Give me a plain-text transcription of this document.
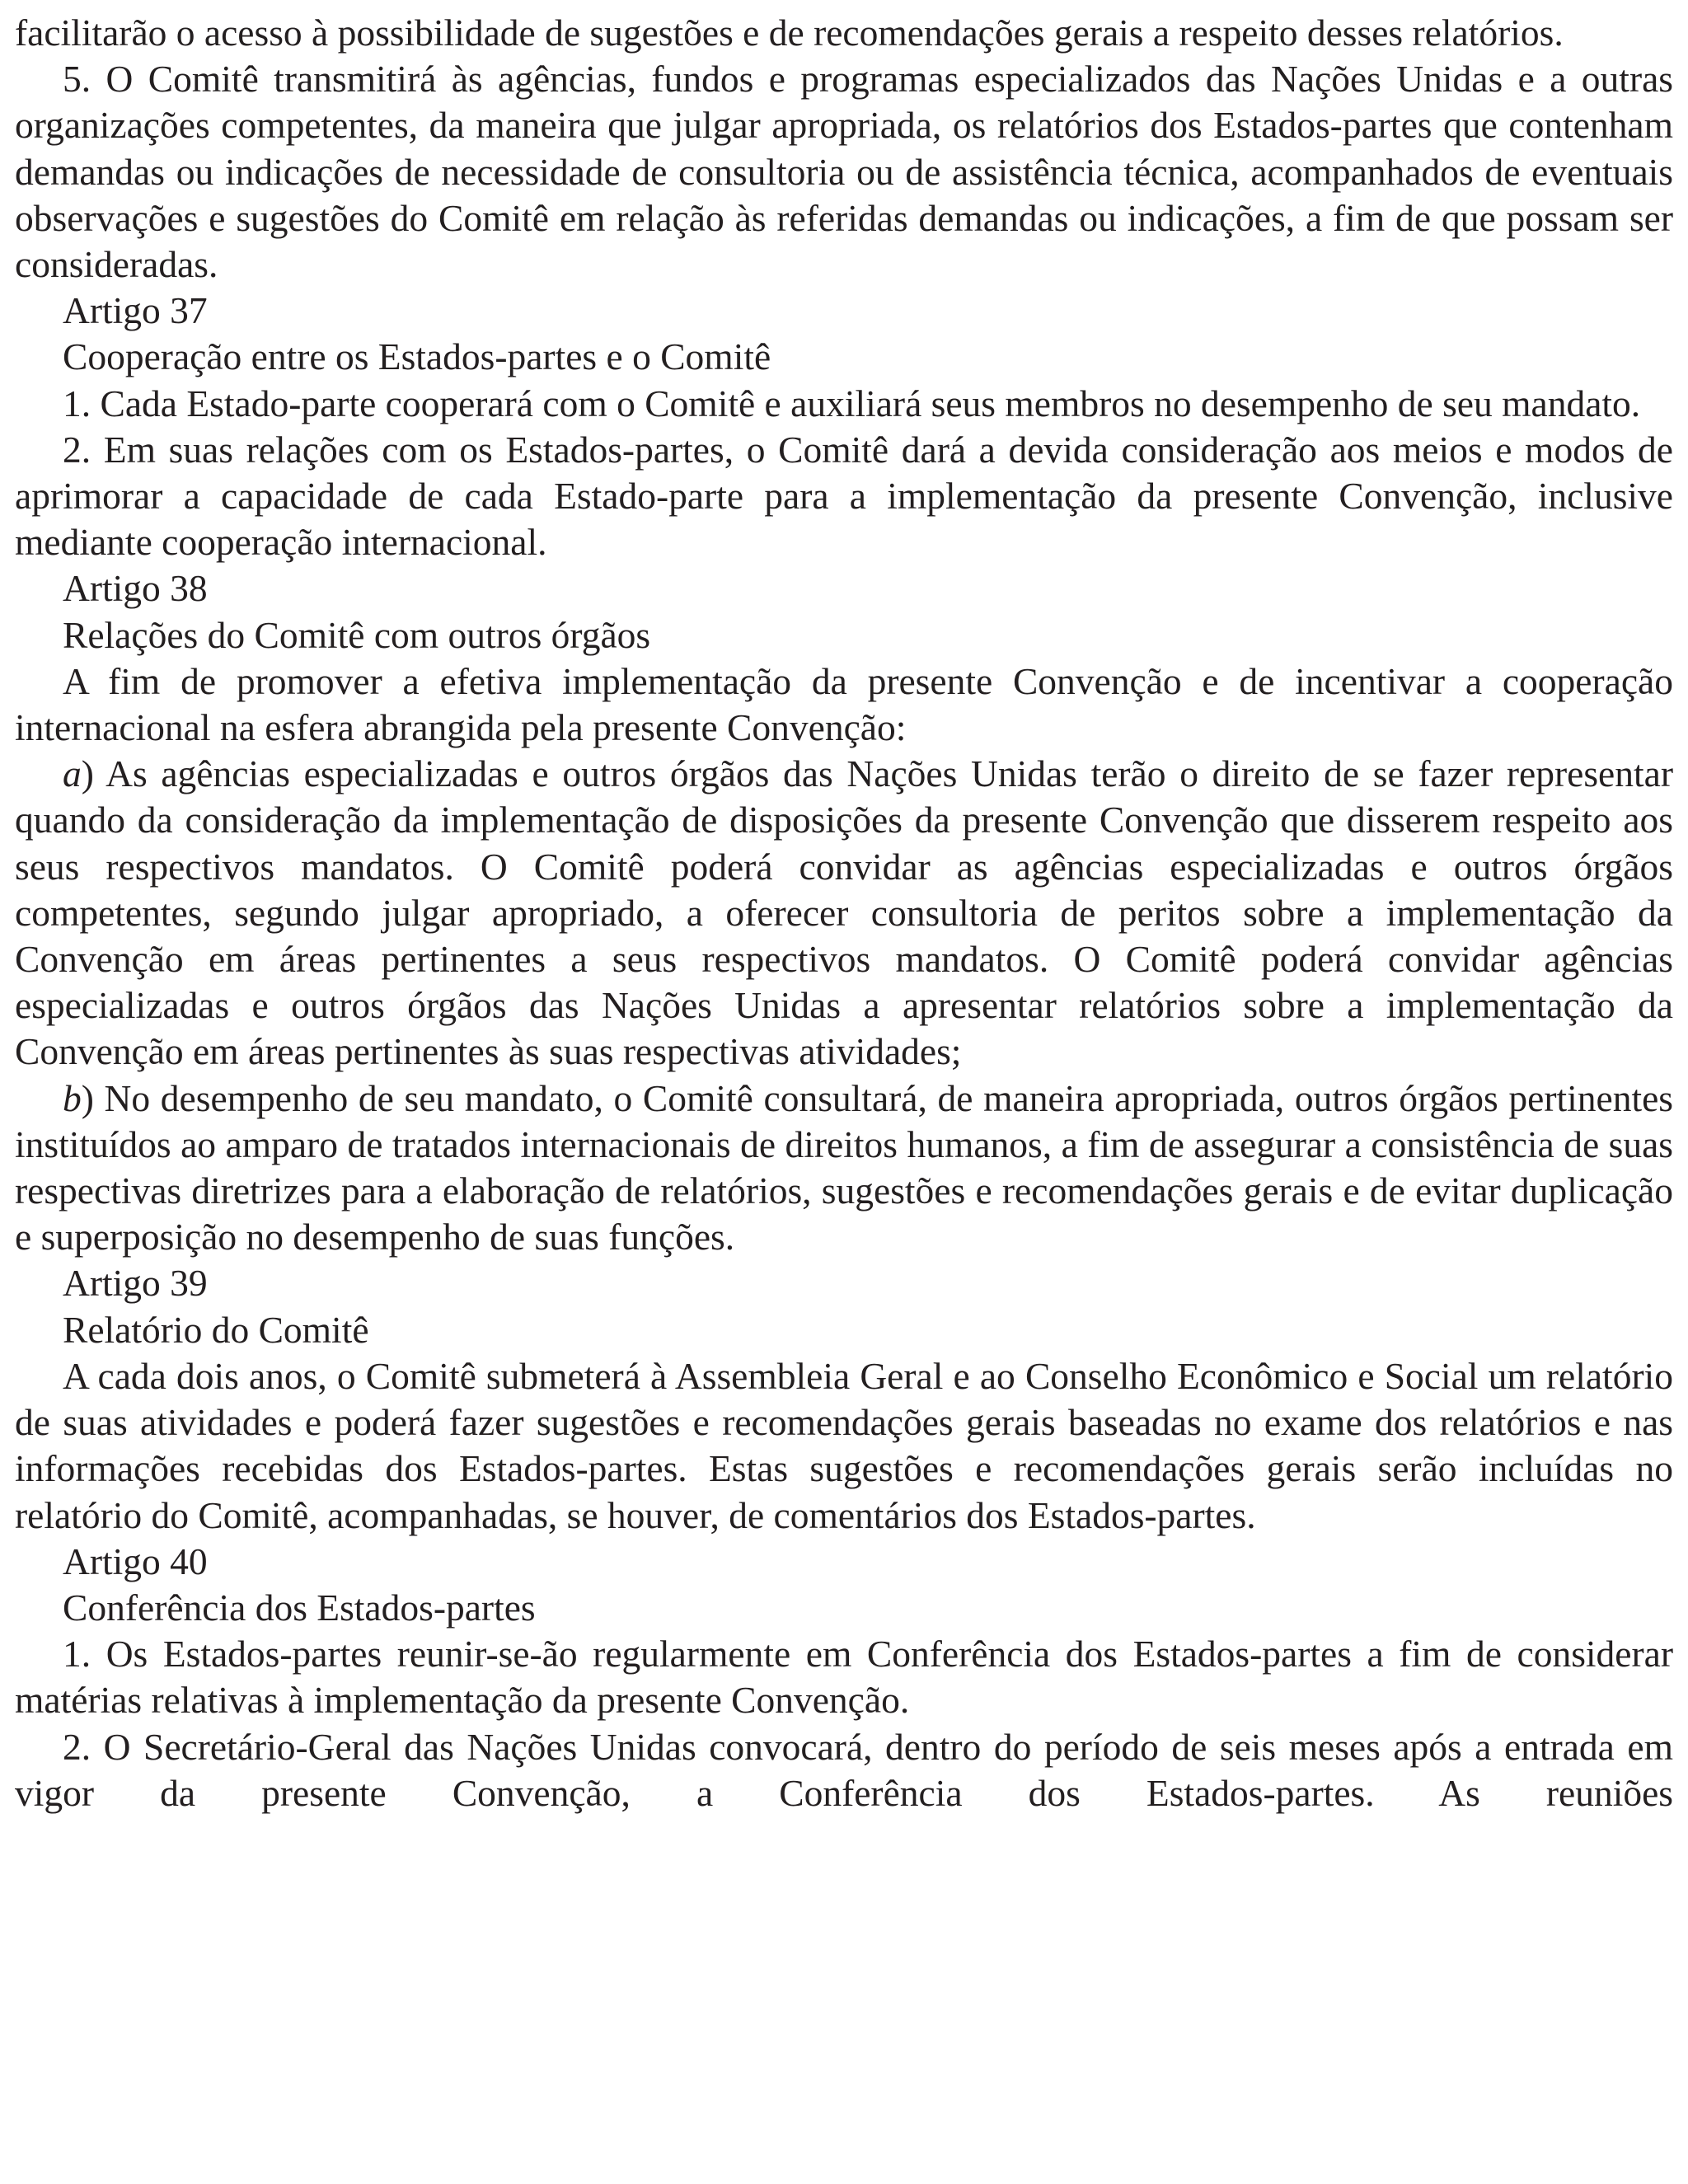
facilitarão o acesso à possibilidade de sugestões e de recomendações gerais a respeito desses relatórios.

5. O Comitê transmitirá às agências, fundos e programas especializados das Nações Unidas e a outras organizações competentes, da maneira que julgar apropriada, os relatórios dos Estados-partes que contenham demandas ou indicações de necessidade de consultoria ou de assistência técnica, acompanhados de eventuais observações e sugestões do Comitê em relação às referidas demandas ou indicações, a fim de que possam ser consideradas.

Artigo 37

Cooperação entre os Estados-partes e o Comitê

1. Cada Estado-parte cooperará com o Comitê e auxiliará seus membros no desempenho de seu mandato.

2. Em suas relações com os Estados-partes, o Comitê dará a devida consideração aos meios e modos de aprimorar a capacidade de cada Estado-parte para a implementação da presente Convenção, inclusive mediante cooperação internacional.

Artigo 38

Relações do Comitê com outros órgãos

A fim de promover a efetiva implementação da presente Convenção e de incentivar a cooperação internacional na esfera abrangida pela presente Convenção:

a) As agências especializadas e outros órgãos das Nações Unidas terão o direito de se fazer representar quando da consideração da implementação de disposições da presente Convenção que disserem respeito aos seus respectivos mandatos. O Comitê poderá convidar as agências especializadas e outros órgãos competentes, segundo julgar apropriado, a oferecer consultoria de peritos sobre a implementação da Convenção em áreas pertinentes a seus respectivos mandatos. O Comitê poderá convidar agências especializadas e outros órgãos das Nações Unidas a apresentar relatórios sobre a implementação da Convenção em áreas pertinentes às suas respectivas atividades;

b) No desempenho de seu mandato, o Comitê consultará, de maneira apropriada, outros órgãos pertinentes instituídos ao amparo de tratados internacionais de direitos humanos, a fim de assegurar a consistência de suas respectivas diretrizes para a elaboração de relatórios, sugestões e recomendações gerais e de evitar duplicação e superposição no desempenho de suas funções.

Artigo 39

Relatório do Comitê

A cada dois anos, o Comitê submeterá à Assembleia Geral e ao Conselho Econômico e Social um relatório de suas atividades e poderá fazer sugestões e recomendações gerais baseadas no exame dos relatórios e nas informações recebidas dos Estados-partes. Estas sugestões e recomendações gerais serão incluídas no relatório do Comitê, acompanhadas, se houver, de comentários dos Estados-partes.

Artigo 40

Conferência dos Estados-partes

1. Os Estados-partes reunir-se-ão regularmente em Conferência dos Estados-partes a fim de considerar matérias relativas à implementação da presente Convenção.

2. O Secretário-Geral das Nações Unidas convocará, dentro do período de seis meses após a entrada em vigor da presente Convenção, a Conferência dos Estados-partes. As reuniões
